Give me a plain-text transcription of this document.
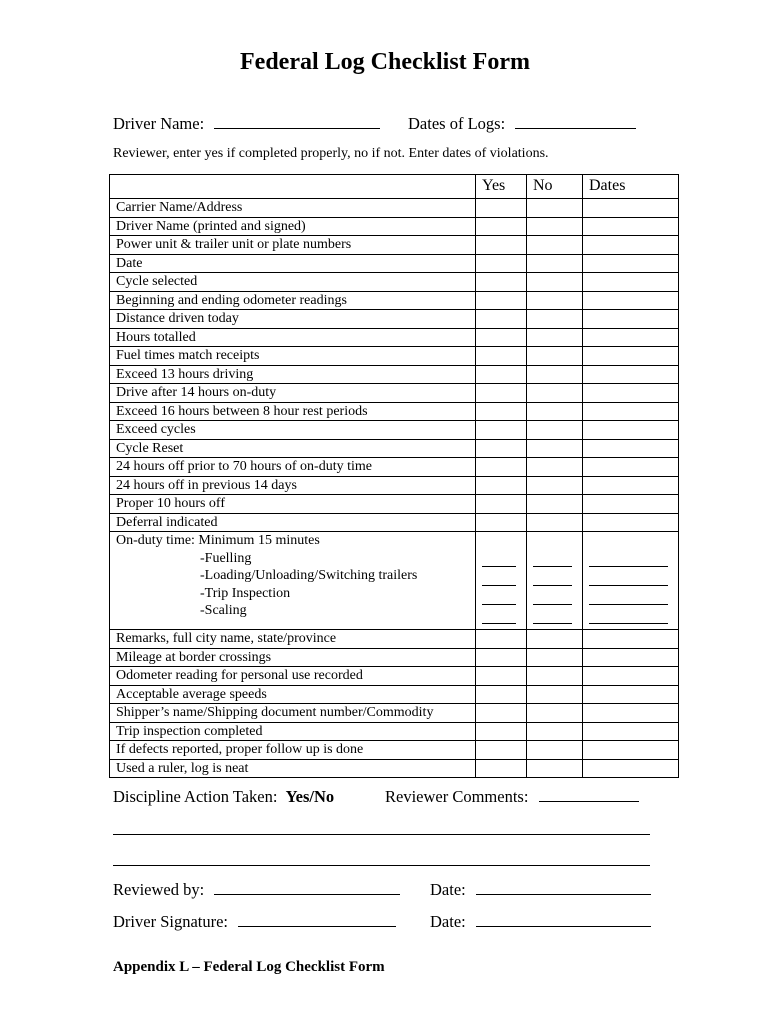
Federal Log Checklist Form
Driver Name:	Dates of Logs:
Reviewer, enter yes if completed properly, no if not. Enter dates of violations.
	Yes	No	Dates
Carrier Name/Address			
Driver Name (printed and signed)			
Power unit & trailer unit or plate numbers			
Date			
Cycle selected			
Beginning and ending odometer readings			
Distance driven today			
Hours totalled			
Fuel times match receipts			
Exceed 13 hours driving			
Drive after 14 hours on-duty			
Exceed 16 hours between 8 hour rest periods			
Exceed cycles			
Cycle Reset			
24 hours off prior to 70 hours of on-duty time			
24 hours off in previous 14 days			
Proper 10 hours off			
Deferral indicated			

On-duty time: Minimum 15 minutes
-Fuelling
-Loading/Unloading/Switching trailers
-Trip Inspection
-Scaling			

Remarks, full city name, state/province			
Mileage at border crossings			
Odometer reading for personal use recorded			
Acceptable average speeds			
Shipper’s name/Shipping document number/Commodity			
Trip inspection completed			
If defects reported, proper follow up is done			
Used a ruler, log is neat			
Discipline Action Taken: Yes/No	Reviewer Comments:
Reviewed by:	Date:
Driver Signature:	Date:
Appendix L – Federal Log Checklist Form
